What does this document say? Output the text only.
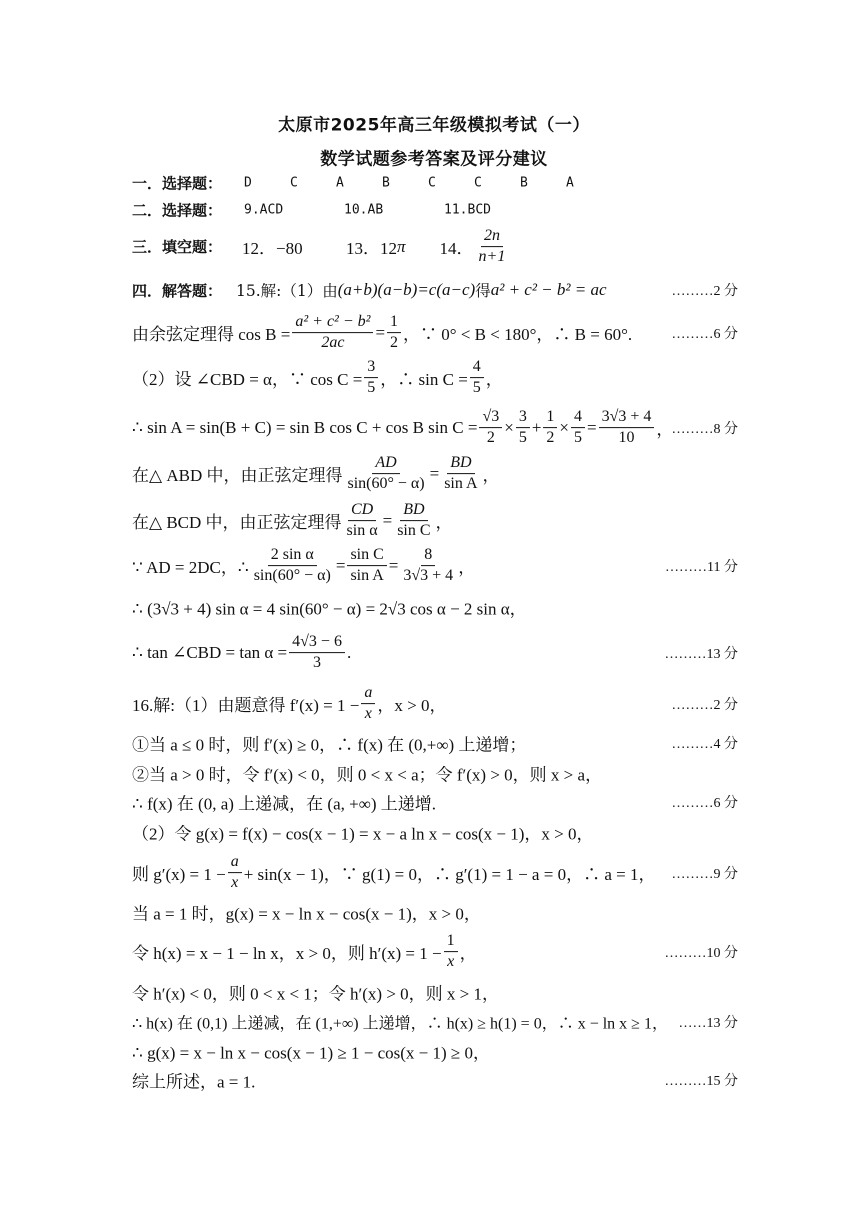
太原市2025年高三年级模拟考试（一）
数学试题参考答案及评分建议
一．选择题： D	C	A	B	C	C	B	A
二．选择题： 9.ACD	10.AB	11.BCD
三．填空题： 12．−80	13．12 π 14． $\frac{2n}{n+1}$
四．解答题： 15.解:（1）由 (a+b)(a−b)=c(a−c) 得 a² + c² − b² = ac	………2 分
由余弦定理得 $\cos B = \frac{\text{a² + c² − b²}}{2ac} = \frac{1}{2}$ ，∵ 0° < B < 180°，∴ B = 60°.	………6 分
（2）设 ∠CBD = α，∵ $\cos C = \frac{3}{5}$ ，∴ $\sin C = \frac{4}{5}$ ，
∴ sin A = sin(B + C) = sin B cos C + cos B $\sin C = \frac{√3}{2} \times \frac{3}{5} + \frac{1}{2} \times \frac{4}{5} = \frac{3√3 + 4}{10}$ ，
………8 分
在△ ABD 中，由正弦定理得 $\frac{AD}{\sin(60^\circ - \alpha)} = \frac{BD}{\text{sin A}}$ ，
在△ BCD 中，由正弦定理得 $\frac{CD}{\text{sin α}} = \frac{BD}{\text{sin C}}$ ，
∵ AD = 2DC，∴ $\frac{\text{2 sin α}}{\sin(60^\circ - \alpha)} = \frac{\text{sin C}}{\text{sin A}} = \frac{8}{3√3 + 4}$ ，	………11 分
∴ (3√3 + 4) sin α = 4 sin(60° − α) = 2√3 cos α − 2 sin α，
∴ tan ∠CBD = $\tan \alpha = \frac{4√3 - 6}{3}$ .	………13 分
16.解:（1）由题意得 $f'(x) = 1 - \frac{a}{x}$ ，x > 0，	………2 分
①当 a ≤ 0 时，则 f′(x) ≥ 0，∴ f(x) 在 (0,+∞) 上递增；	………4 分
②当 a > 0 时，令 f′(x) < 0，则 0 < x < a；令 f′(x) > 0，则 x > a，
∴ f(x) 在 (0, a) 上递减，在 (a, +∞) 上递增.	………6 分
（2）令 g(x) = f(x) − cos(x − 1) = x − a ln x − cos(x − 1)，x > 0，
则 $g'(x) = 1 - \frac{a}{x} + \sin(x - 1)$，∵ g(1) = 0，∴ g′(1) = 1 − a = 0，∴ a = 1， ………9 分
当 a = 1 时，g(x) = x − ln x − cos(x − 1)，x > 0，
令 h(x) = x − 1 − ln x，x > 0，则 $h'(x) = 1 - \frac{1}{x}$ ，	………10 分
令 h′(x) < 0，则 0 < x < 1；令 h′(x) > 0，则 x > 1，
∴ h(x) 在 (0,1) 上递减，在 (1,+∞) 上递增，∴ h(x) ≥ h(1) = 0，∴ x − ln x ≥ 1， ……13 分
∴ g(x) = x − ln x − cos(x − 1) ≥ 1 − cos(x − 1) ≥ 0，
综上所述，a = 1.	………15 分
